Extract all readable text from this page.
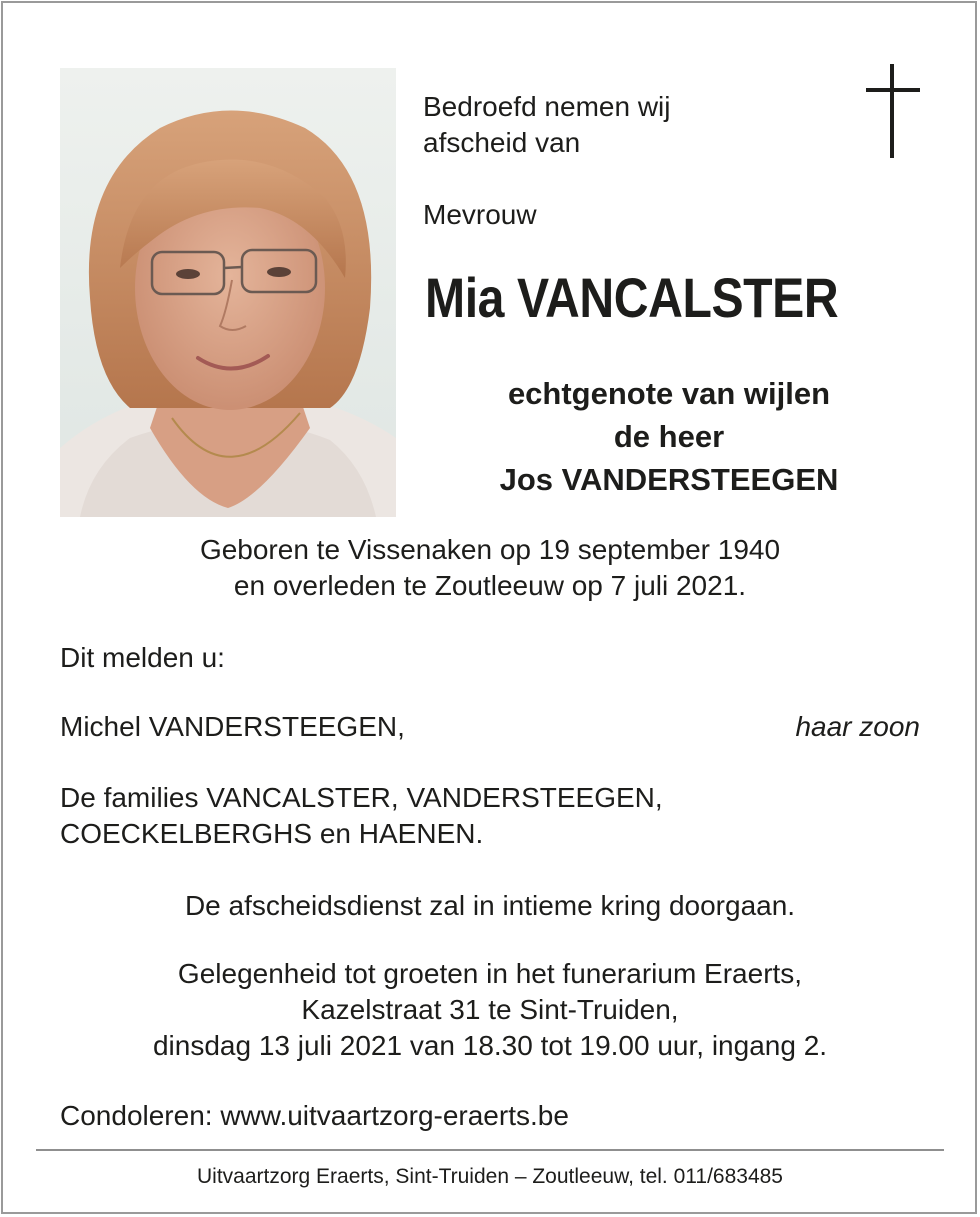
Bedroefd nemen wij
afscheid van
Mevrouw
Mia VANCALSTER
echtgenote van wijlen
de heer
Jos VANDERSTEEGEN
Geboren te Vissenaken op 19 september 1940
en overleden te Zoutleeuw op 7 juli 2021.
Dit melden u:
Michel VANDERSTEEGEN,	haar zoon
De families VANCALSTER, VANDERSTEEGEN,
COECKELBERGHS en HAENEN.
De afscheidsdienst zal in intieme kring doorgaan.
Gelegenheid tot groeten in het funerarium Eraerts,
Kazelstraat 31 te Sint-Truiden,
dinsdag 13 juli 2021 van 18.30 tot 19.00 uur, ingang 2.
Condoleren: www.uitvaartzorg-eraerts.be
Uitvaartzorg Eraerts, Sint-Truiden – Zoutleeuw, tel. 011/683485
